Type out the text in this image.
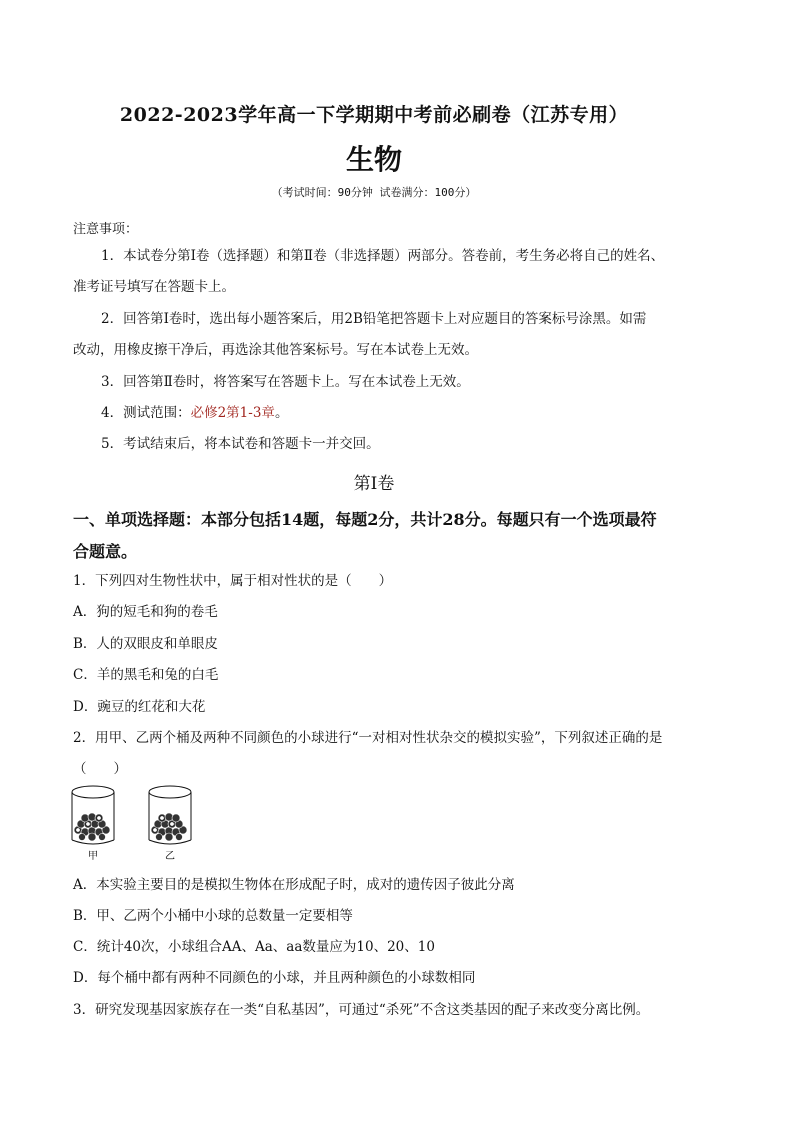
2022-2023学年高一下学期期中考前必刷卷（江苏专用）
生物
（考试时间：90分钟 试卷满分：100分）
注意事项：
1．本试卷分第Ⅰ卷（选择题）和第Ⅱ卷（非选择题）两部分。答卷前，考生务必将自己的姓名、
准考证号填写在答题卡上。
2．回答第Ⅰ卷时，选出每小题答案后，用2B铅笔把答题卡上对应题目的答案标号涂黑。如需
改动，用橡皮擦干净后，再选涂其他答案标号。写在本试卷上无效。
3．回答第Ⅱ卷时，将答案写在答题卡上。写在本试卷上无效。
4．测试范围：必修2第1-3章。
5．考试结束后，将本试卷和答题卡一并交回。
第Ⅰ卷
一、单项选择题：本部分包括14题，每题2分，共计28分。每题只有一个选项最符
合题意。
1．下列四对生物性状中，属于相对性状的是（　　）
A．狗的短毛和狗的卷毛
B．人的双眼皮和单眼皮
C．羊的黑毛和兔的白毛
D．豌豆的红花和大花
2．用甲、乙两个桶及两种不同颜色的小球进行“一对相对性状杂交的模拟实验”，下列叙述正确的是
（　　）
甲	乙
A．本实验主要目的是模拟生物体在形成配子时，成对的遗传因子彼此分离
B．甲、乙两个小桶中小球的总数量一定要相等
C．统计40次，小球组合AA、Aa、aa数量应为10、20、10
D．每个桶中都有两种不同颜色的小球，并且两种颜色的小球数相同
3．研究发现基因家族存在一类“自私基因”，可通过“杀死”不含这类基因的配子来改变分离比例。
